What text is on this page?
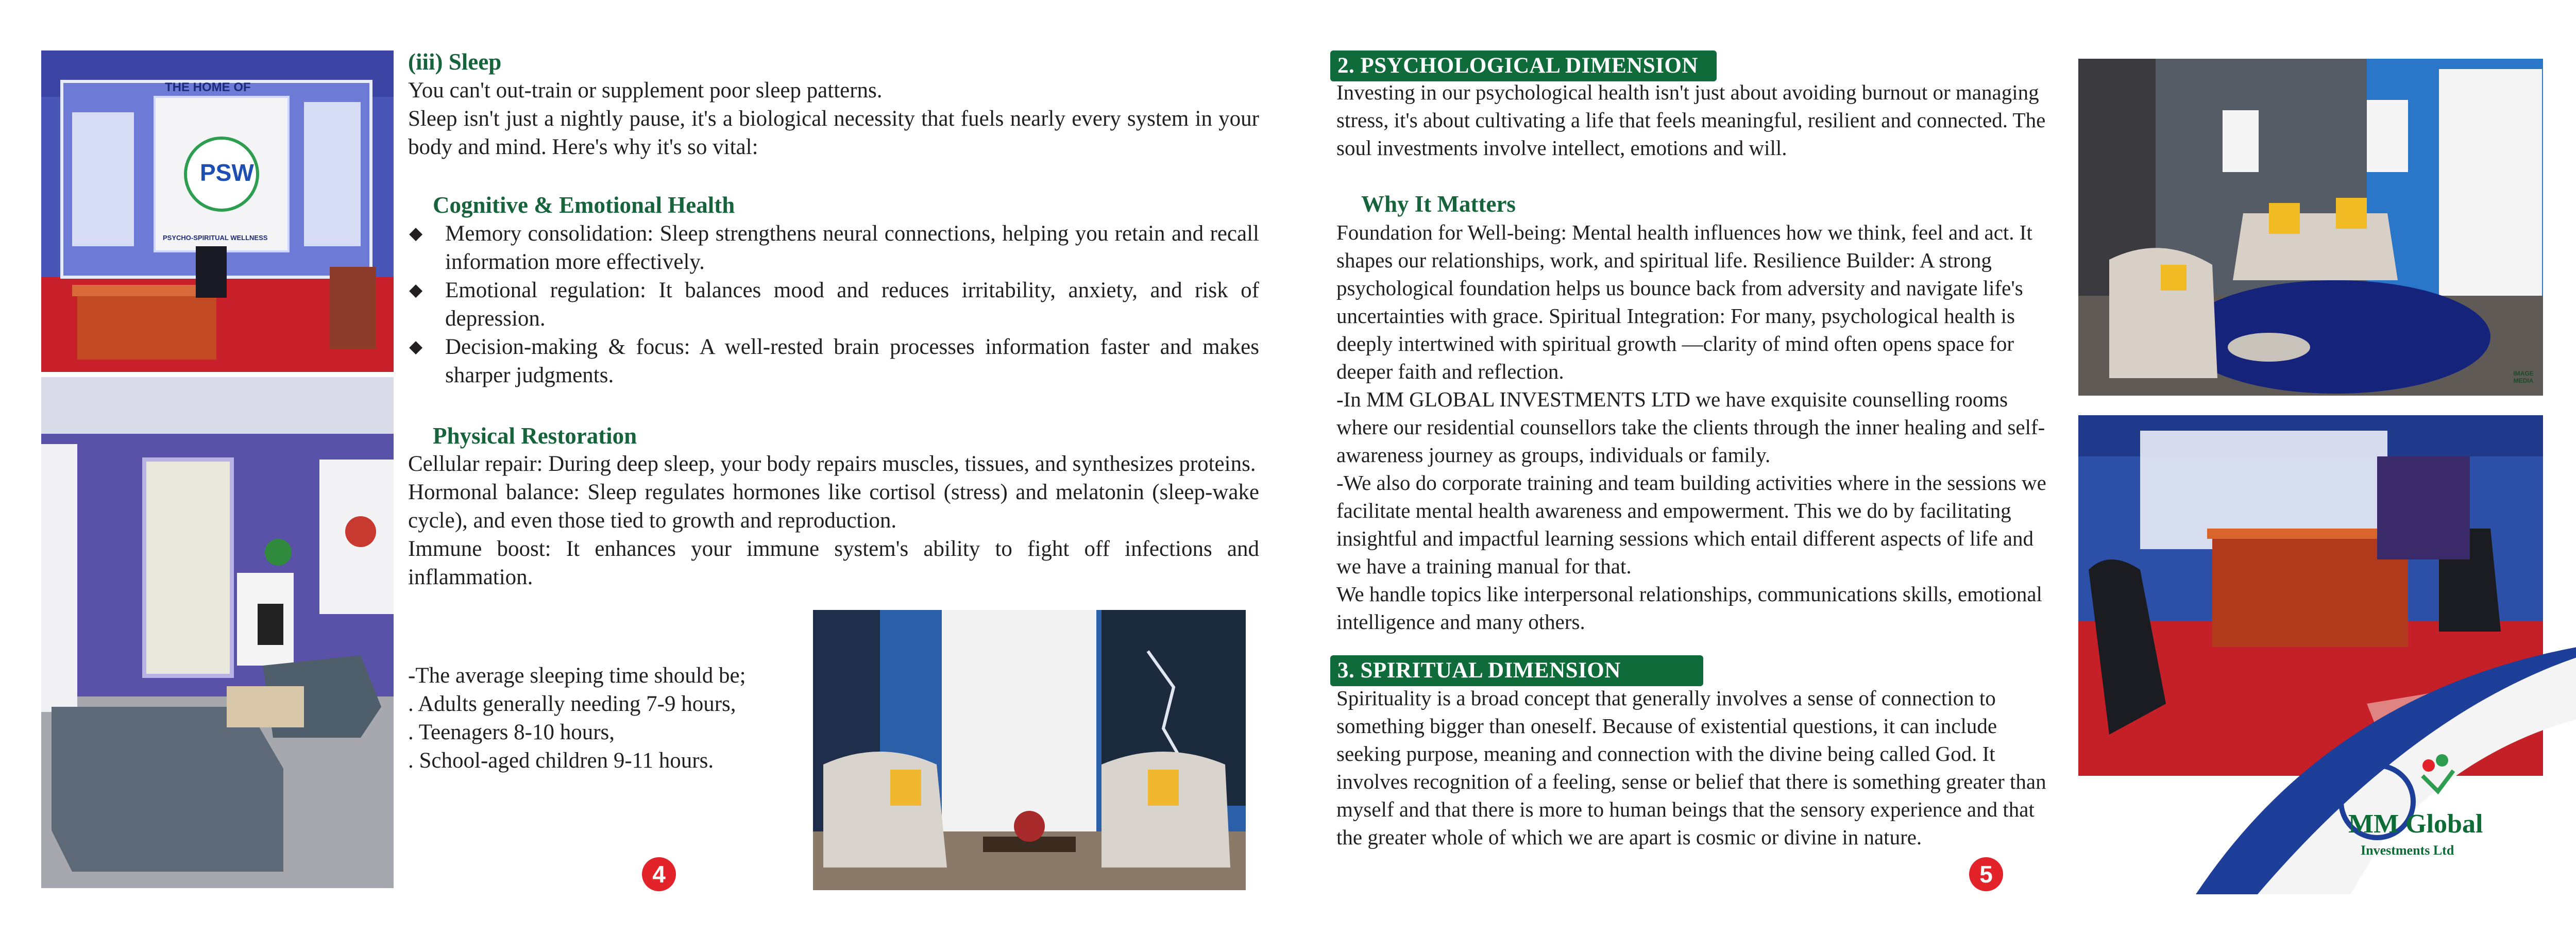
THE HOME OF
PSW
PSYCHO-SPIRITUAL WELLNESS
(iii) Sleep
You can't out-train or supplement poor sleep patterns.
Sleep isn't just a nightly pause, it's a biological necessity that fuels nearly every system in your body and mind. Here's why it's so vital:
Cognitive & Emotional Health
◆ Memory consolidation: Sleep strengthens neural connections, helping you retain and recall information more effectively.
◆ Emotional regulation: It balances mood and reduces irritability, anxiety, and risk of depression.
◆ Decision-making & focus: A well-rested brain processes information faster and makes sharper judgments.
Physical Restoration
Cellular repair: During deep sleep, your body repairs muscles, tissues, and synthesizes proteins.
Hormonal balance: Sleep regulates hormones like cortisol (stress) and melatonin (sleep-wake cycle), and even those tied to growth and reproduction.
Immune boost: It enhances your immune system's ability to fight off infections and inflammation.
-The average sleeping time should be;
. Adults generally needing 7-9 hours,
. Teenagers 8-10 hours,
. School-aged children 9-11 hours.
4
2. PSYCHOLOGICAL DIMENSION
Investing in our psychological health isn't just about avoiding burnout or managing stress, it's about cultivating a life that feels meaningful, resilient and connected. The soul investments involve intellect, emotions and will.
Why It Matters
Foundation for Well-being: Mental health influences how we think, feel and act. It shapes our relationships, work, and spiritual life. Resilience Builder: A strong psychological foundation helps us bounce back from adversity and navigate life's uncertainties with grace. Spiritual Integration: For many, psychological health is deeply intertwined with spiritual growth —clarity of mind often opens space for deeper faith and reflection.
-In MM GLOBAL INVESTMENTS LTD we have exquisite counselling rooms where our residential counsellors take the clients through the inner healing and self-awareness journey as groups, individuals or family.
-We also do corporate training and team building activities where in the sessions we facilitate mental health awareness and empowerment. This we do by facilitating insightful and impactful learning sessions which entail different aspects of life and we have a training manual for that.
We handle topics like interpersonal relationships, communications skills, emotional intelligence and many others.
3. SPIRITUAL DIMENSION
Spirituality is a broad concept that generally involves a sense of connection to something bigger than oneself. Because of existential questions, it can include seeking purpose, meaning and connection with the divine being called God. It involves recognition of a feeling, sense or belief that there is something greater than myself and that there is more to human beings that the sensory experience and that the greater whole of which we are apart is cosmic or divine in nature.
IMAGE MEDIA
MM Global
Investments Ltd
5
